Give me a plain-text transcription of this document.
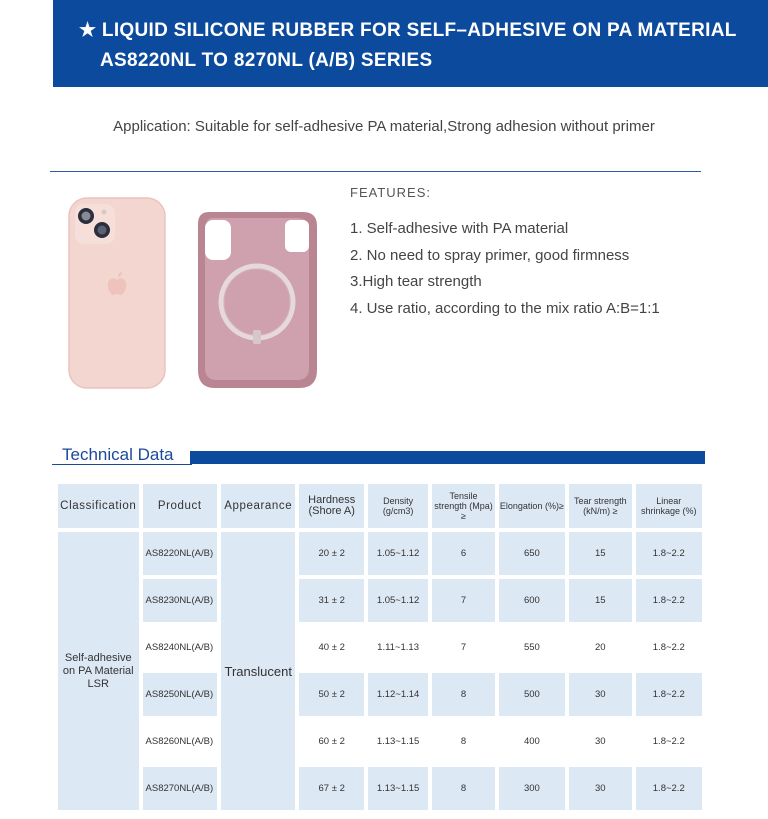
★ LIQUID SILICONE RUBBER FOR SELF–ADHESIVE ON PA MATERIAL
AS8220NL TO 8270NL (A/B) SERIES
Application: Suitable for self-adhesive PA material,Strong adhesion without primer
FEATURES:
1. Self-adhesive with PA material
2. No need to spray primer, good firmness
3.High tear strength
4. Use ratio, according to the mix ratio A:B=1:1
Technical Data
Classification	Product	Appearance	Hardness (Shore A)	Density (g/cm3)	Tensile strength (Mpa) ≥	Elongation (%)≥	Tear strength (kN/m) ≥	Linear shrinkage (%)
Self-adhesive on PA Material LSR	AS8220NL(A/B)	Translucent	20 ± 2	1.05~1.12	6	650	15	1.8~2.2
	AS8230NL(A/B)		31 ± 2	1.05~1.12	7	600	15	1.8~2.2
	AS8240NL(A/B)		40 ± 2	1.11~1.13	7	550	20	1.8~2.2
	AS8250NL(A/B)		50 ± 2	1.12~1.14	8	500	30	1.8~2.2
	AS8260NL(A/B)		60 ± 2	1.13~1.15	8	400	30	1.8~2.2
	AS8270NL(A/B)		67 ± 2	1.13~1.15	8	300	30	1.8~2.2
